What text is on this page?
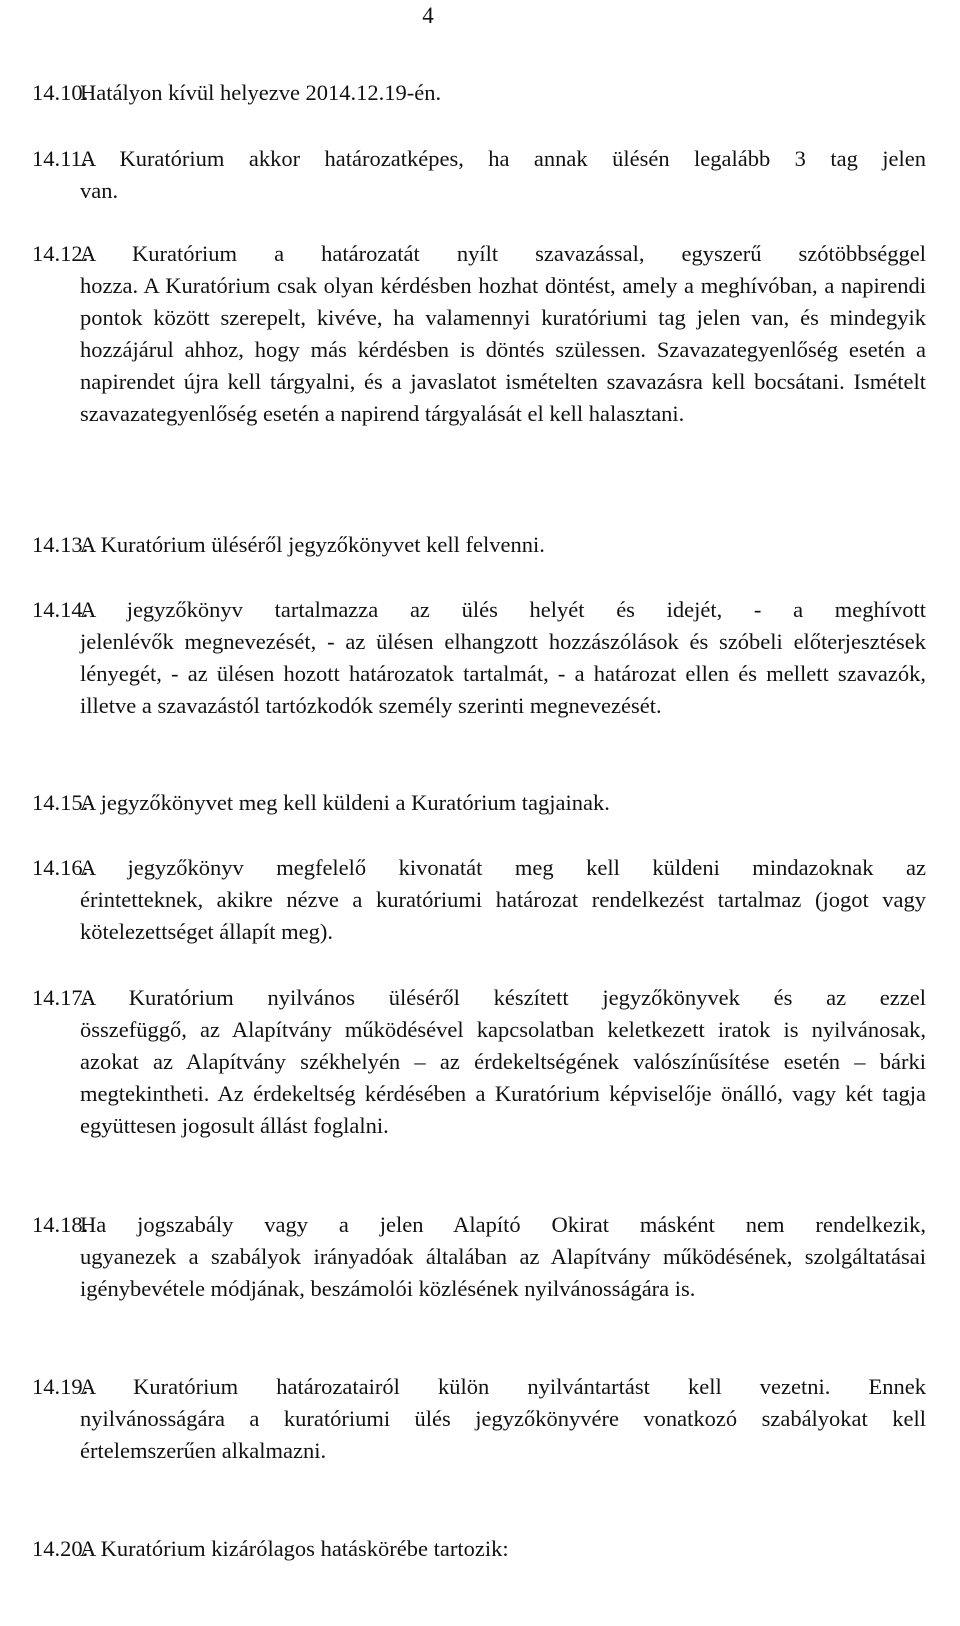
4
14.10.Hatályon kívül helyezve 2014.12.19-én.
14.11.A Kuratórium akkor határozatképes, ha annak ülésén legalább 3 tag jelen
van.
14.12.A Kuratórium a határozatát nyílt szavazással, egyszerű szótöbbséggel
hozza. A Kuratórium csak olyan kérdésben hozhat döntést, amely a meghívóban, a napirendi pontok között szerepelt, kivéve, ha valamennyi kuratóriumi tag jelen van, és mindegyik hozzájárul ahhoz, hogy más kérdésben is döntés szülessen. Szavazategyenlőség esetén a napirendet újra kell tárgyalni, és a javaslatot ismételten szavazásra kell bocsátani. Ismételt szavazategyenlőség esetén a napirend tárgyalását el kell halasztani.
14.13.A Kuratórium üléséről jegyzőkönyvet kell felvenni.
14.14.A jegyzőkönyv tartalmazza az ülés helyét és idejét, - a meghívott
jelenlévők megnevezését, - az ülésen elhangzott hozzászólások és szóbeli előterjesztések lényegét, - az ülésen hozott határozatok tartalmát, - a határozat ellen és mellett szavazók, illetve a szavazástól tartózkodók személy szerinti megnevezését.
14.15.A jegyzőkönyvet meg kell küldeni a Kuratórium tagjainak.
14.16.A jegyzőkönyv megfelelő kivonatát meg kell küldeni mindazoknak az
érintetteknek, akikre nézve a kuratóriumi határozat rendelkezést tartalmaz (jogot vagy kötelezettséget állapít meg).
14.17.A Kuratórium nyilvános üléséről készített jegyzőkönyvek és az ezzel
összefüggő, az Alapítvány működésével kapcsolatban keletkezett iratok is nyilvánosak, azokat az Alapítvány székhelyén – az érdekeltségének valószínűsítése esetén – bárki megtekintheti. Az érdekeltség kérdésében a Kuratórium képviselője önálló, vagy két tagja együttesen jogosult állást foglalni.
14.18.Ha jogszabály vagy a jelen Alapító Okirat másként nem rendelkezik,
ugyanezek a szabályok irányadóak általában az Alapítvány működésének, szolgáltatásai igénybevétele módjának, beszámolói közlésének nyilvánosságára is.
14.19.A Kuratórium határozatairól külön nyilvántartást kell vezetni. Ennek
nyilvánosságára a kuratóriumi ülés jegyzőkönyvére vonatkozó szabályokat kell értelemszerűen alkalmazni.
14.20.A Kuratórium kizárólagos hatáskörébe tartozik:
